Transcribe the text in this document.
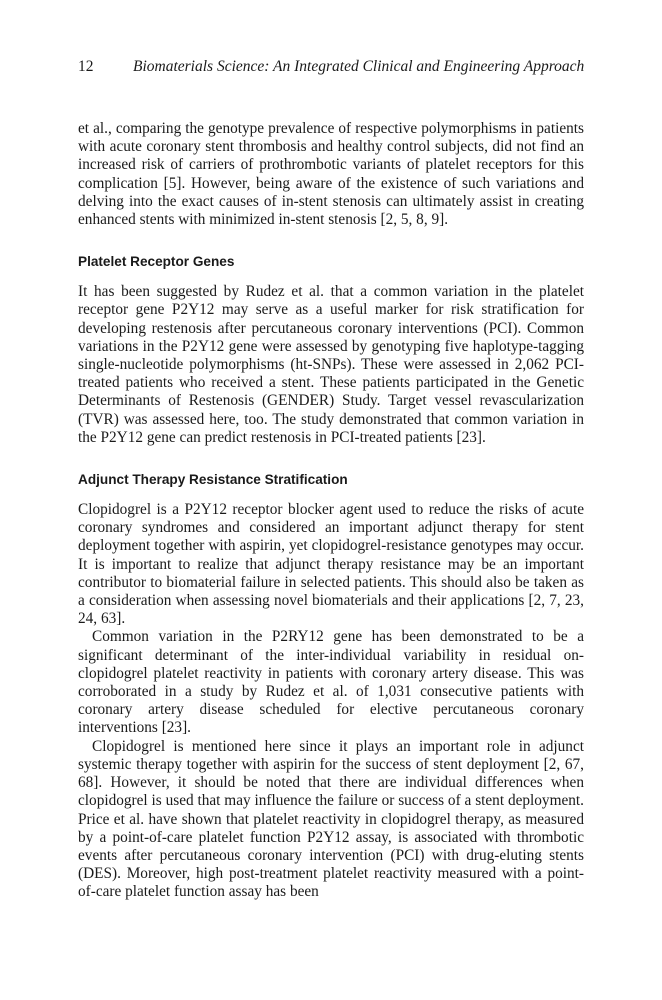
12	Biomaterials Science: An Integrated Clinical and Engineering Approach

et al., comparing the genotype prevalence of respective polymorphisms in patients with acute coronary stent thrombosis and healthy control subjects, did not find an increased risk of carriers of prothrombotic variants of platelet receptors for this complication [5]. However, being aware of the existence of such variations and delving into the exact causes of in-stent stenosis can ultimately assist in creating enhanced stents with minimized in-stent stenosis [2, 5, 8, 9].

Platelet Receptor Genes

It has been suggested by Rudez et al. that a common variation in the platelet receptor gene P2Y12 may serve as a useful marker for risk stratification for developing restenosis after percutaneous coronary interventions (PCI). Common variations in the P2Y12 gene were assessed by genotyping five haplotype-tagging single-nucleotide polymorphisms (ht-SNPs). These were assessed in 2,062 PCI-treated patients who received a stent. These patients participated in the Genetic Determinants of Restenosis (GENDER) Study. Target vessel revascularization (TVR) was assessed here, too. The study demonstrated that common variation in the P2Y12 gene can predict restenosis in PCI-treated patients [23].

Adjunct Therapy Resistance Stratification

Clopidogrel is a P2Y12 receptor blocker agent used to reduce the risks of acute coronary syndromes and considered an important adjunct therapy for stent deployment together with aspirin, yet clopidogrel-resistance genotypes may occur. It is important to realize that adjunct therapy resistance may be an important contributor to biomaterial failure in selected patients. This should also be taken as a consideration when assessing novel biomaterials and their applications [2, 7, 23, 24, 63].

Common variation in the P2RY12 gene has been demonstrated to be a significant determinant of the inter-individual variability in residual on-clopidogrel platelet reactivity in patients with coronary artery disease. This was corroborated in a study by Rudez et al. of 1,031 consecutive patients with coronary artery disease scheduled for elective percutaneous coronary interventions [23].

Clopidogrel is mentioned here since it plays an important role in adjunct systemic therapy together with aspirin for the success of stent deployment [2, 67, 68]. However, it should be noted that there are individual differences when clopidogrel is used that may influence the failure or success of a stent deployment. Price et al. have shown that platelet reactivity in clopidogrel therapy, as measured by a point-of-care platelet function P2Y12 assay, is associated with thrombotic events after percutaneous coronary intervention (PCI) with drug-eluting stents (DES). Moreover, high post-treatment platelet reactivity measured with a point-of-care platelet function assay has been
